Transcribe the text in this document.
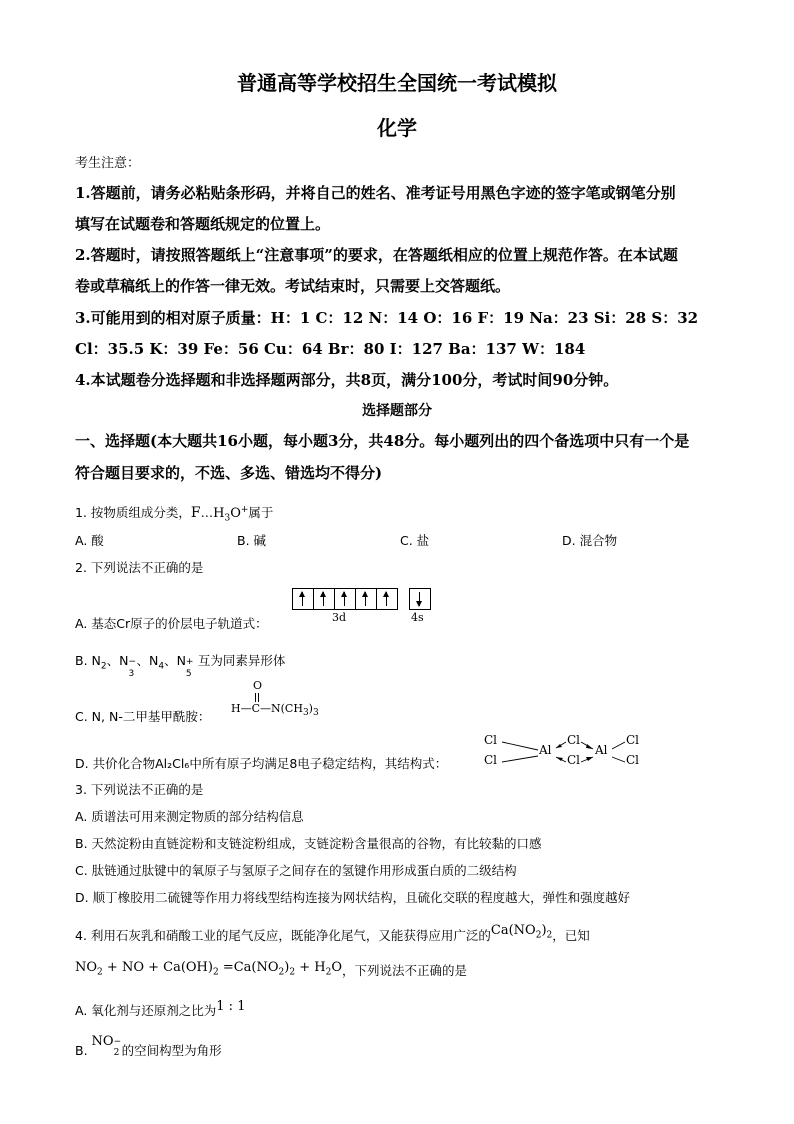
普通高等学校招生全国统一考试模拟
化学
考生注意：
1.答题前，请务必粘贴条形码，并将自己的姓名、准考证号用黑色字迹的签字笔或钢笔分别
填写在试题卷和答题纸规定的位置上。
2.答题时，请按照答题纸上“注意事项”的要求，在答题纸相应的位置上规范作答。在本试题
卷或草稿纸上的作答一律无效。考试结束时，只需要上交答题纸。
3.可能用到的相对原子质量：H：1 C：12 N：14 O：16 F：19 Na：23 Si：28 S：32
Cl：35.5 K：39 Fe：56 Cu：64 Br：80 I：127 Ba：137 W：184
4.本试题卷分选择题和非选择题两部分，共8页，满分100分，考试时间90分钟。
选择题部分
一、选择题(本大题共16小题，每小题3分，共48分。每小题列出的四个备选项中只有一个是
符合题目要求的，不选、多选、错选均不得分)
1. 按物质组成分类，$F\dots H_3O^+$属于
A. 酸	B. 碱	C. 盐	D. 混合物
2. 下列说法不正确的是
3d	4s
A. 基态Cr原子的价层电子轨道式：
B. $N_2$、N −
3
、$N_4$、N +
5
互为同素异形体
C. N, N-二甲基甲酰胺：
O
$H—C—N(CH_3)_3$
D. 共价化合物Al₂Cl₆中所有原子均满足8电子稳定结构，其结构式：
Cl
Cl
Al
Cl
Cl
Al
Cl
Cl
3. 下列说法不正确的是
A. 质谱法可用来测定物质的部分结构信息
B. 天然淀粉由直链淀粉和支链淀粉组成，支链淀粉含量很高的谷物，有比较黏的口感
C. 肽链通过肽键中的氧原子与氢原子之间存在的氢键作用形成蛋白质的二级结构
D. 顺丁橡胶用二硫键等作用力将线型结构连接为网状结构，且硫化交联的程度越大，弹性和强度越好
4. 利用石灰乳和硝酸工业的尾气反应，既能净化尾气，又能获得应用广泛的$Ca(NO_2)_2$，已知
$NO_2$ + NO + $Ca(OH)_2 =Ca(NO_2)_2 + H_2O$，下列说法不正确的是
A. 氧化剂与还原剂之比为1 : 1
B. NO −
2 的空间构型为角形
